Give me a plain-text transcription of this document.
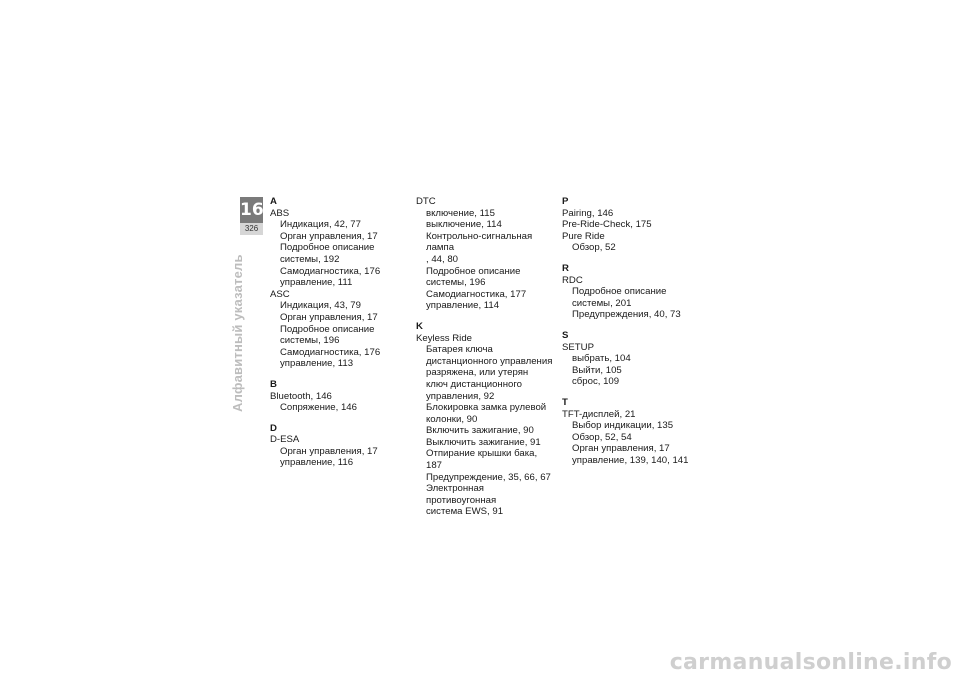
16
326
Алфавитный указатель
A
ABS
Индикация, 42, 77
Орган управления, 17
Подробное описание
системы, 192
Самодиагностика, 176
управление, 111
ASC
Индикация, 43, 79
Орган управления, 17
Подробное описание
системы, 196
Самодиагностика, 176
управление, 113
B
Bluetooth, 146
Сопряжение, 146
D
D-ESA
Орган управления, 17
управление, 116
DTC
включение, 115
выключение, 114
Контрольно-сигнальная лампа
, 44, 80
Подробное описание
системы, 196
Самодиагностика, 177
управление, 114
K
Keyless Ride
Батарея ключа
дистанционного управления
разряжена, или утерян
ключ дистанционного
управления, 92
Блокировка замка рулевой
колонки, 90
Включить зажигание, 90
Выключить зажигание, 91
Отпирание крышки бака, 187
Предупреждение, 35, 66, 67
Электронная противоугонная
система EWS, 91
P
Pairing, 146
Pre-Ride-Check, 175
Pure Ride
Обзор, 52
R
RDC
Подробное описание
системы, 201
Предупреждения, 40, 73
S
SETUP
выбрать, 104
Выйти, 105
сброс, 109
T
TFT-дисплей, 21
Выбор индикации, 135
Обзор, 52, 54
Орган управления, 17
управление, 139, 140, 141
carmanualsonline.info
